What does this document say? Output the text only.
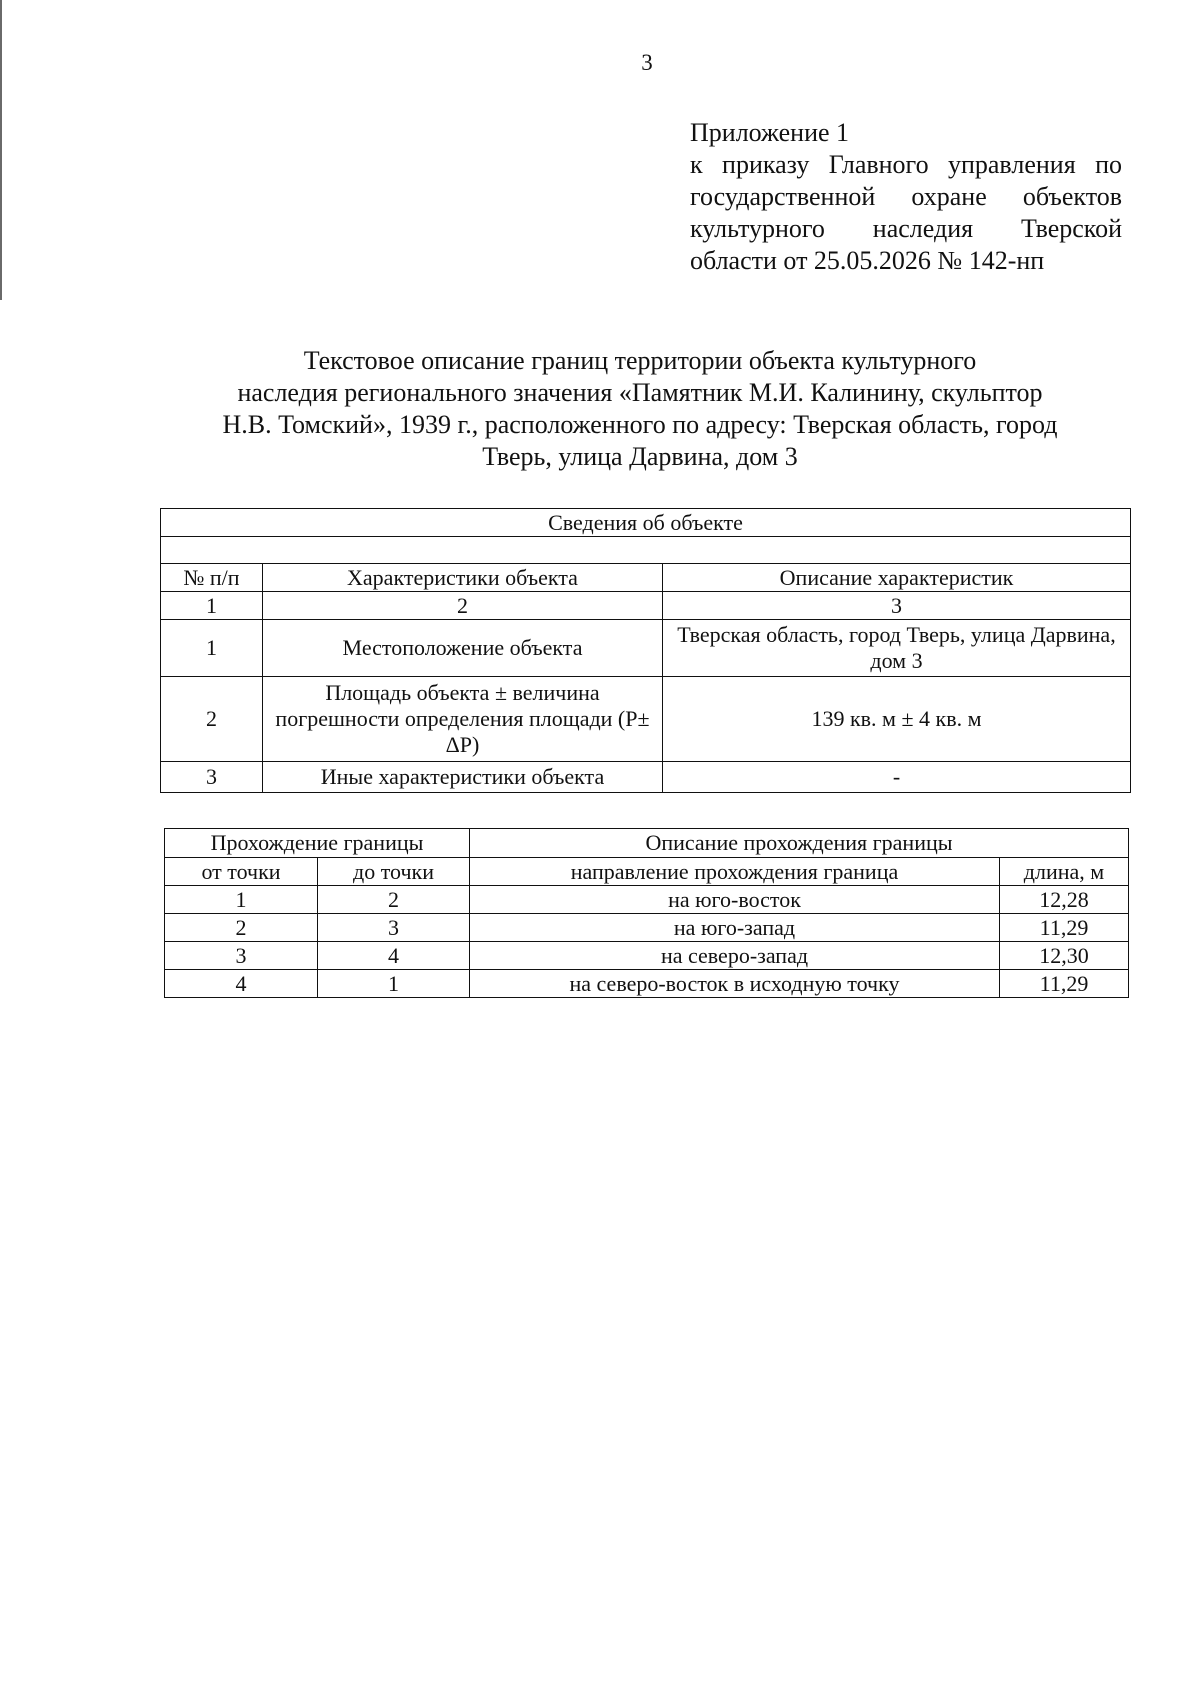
3
Приложение 1
к приказу Главного управления по
государственной охране объектов
культурного наследия Тверской
области от 25.05.2026 № 142-нп
Текстовое описание границ территории объекта культурного
наследия регионального значения «Памятник М.И. Калинину, скульптор
Н.В. Томский», 1939 г., расположенного по адресу: Тверская область, город
Тверь, улица Дарвина, дом 3
Сведения об объекте		

№ п/п	Характеристики объекта	Описание характеристик
1	2	3
1	Местоположение объекта	Тверская область, город Тверь, улица Дарвина, дом 3
2	Площадь объекта ± величина погрешности определения площади (P± ΔP)	139 кв. м ± 4 кв. м
3	Иные характеристики объекта	-
Прохождение границы		Описание прохождения границы	
от точки	до точки	направление прохождения граница	длина, м
1	2	на юго-восток	12,28
2	3	на юго-запад	11,29
3	4	на северо-запад	12,30
4	1	на северо-восток в исходную точку	11,29
